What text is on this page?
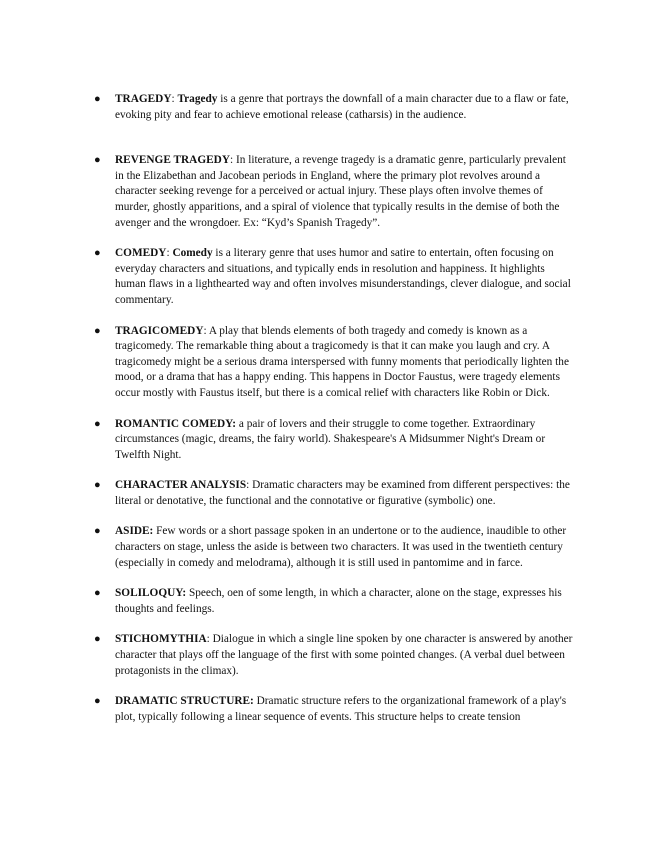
● TRAGEDY: Tragedy is a genre that portrays the downfall of a main character due to a flaw or fate, evoking pity and fear to achieve emotional release (catharsis) in the audience.
● REVENGE TRAGEDY: In literature, a revenge tragedy is a dramatic genre, particularly prevalent in the Elizabethan and Jacobean periods in England, where the primary plot revolves around a character seeking revenge for a perceived or actual injury. These plays often involve themes of murder, ghostly apparitions, and a spiral of violence that typically results in the demise of both the avenger and the wrongdoer. Ex: “Kyd’s Spanish Tragedy”.
● COMEDY: Comedy is a literary genre that uses humor and satire to entertain, often focusing on everyday characters and situations, and typically ends in resolution and happiness. It highlights human flaws in a lighthearted way and often involves misunderstandings, clever dialogue, and social commentary.
● TRAGICOMEDY: A play that blends elements of both tragedy and comedy is known as a tragicomedy. The remarkable thing about a tragicomedy is that it can make you laugh and cry. A tragicomedy might be a serious drama interspersed with funny moments that periodically lighten the mood, or a drama that has a happy ending. This happens in Doctor Faustus, were tragedy elements occur mostly with Faustus itself, but there is a comical relief with characters like Robin or Dick.
● ROMANTIC COMEDY: a pair of lovers and their struggle to come together. Extraordinary circumstances (magic, dreams, the fairy world). Shakespeare's A Midsummer Night's Dream or Twelfth Night.
● CHARACTER ANALYSIS: Dramatic characters may be examined from different perspectives: the literal or denotative, the functional and the connotative or figurative (symbolic) one.
● ASIDE: Few words or a short passage spoken in an undertone or to the audience, inaudible to other characters on stage, unless the aside is between two characters. It was used in the twentieth century (especially in comedy and melodrama), although it is still used in pantomime and in farce.
● SOLILOQUY: Speech, oen of some length, in which a character, alone on the stage, expresses his thoughts and feelings.
● STICHOMYTHIA: Dialogue in which a single line spoken by one character is answered by another character that plays off the language of the first with some pointed changes. (A verbal duel between protagonists in the climax).
● DRAMATIC STRUCTURE: Dramatic structure refers to the organizational framework of a play's plot, typically following a linear sequence of events. This structure helps to create tension
